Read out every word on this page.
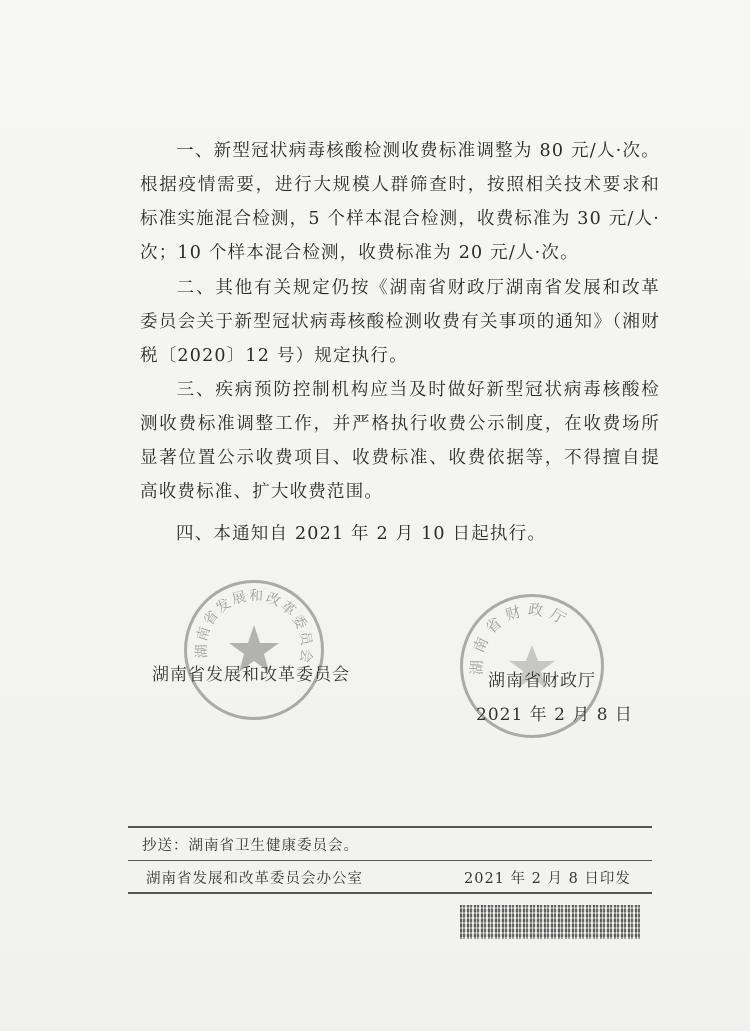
一、新型冠状病毒核酸检测收费标准调整为 80 元/人·次。根据疫情需要，进行大规模人群筛查时，按照相关技术要求和标准实施混合检测，5 个样本混合检测，收费标准为 30 元/人·次；10 个样本混合检测，收费标准为 20 元/人·次。

二、其他有关规定仍按《湖南省财政厅湖南省发展和改革委员会关于新型冠状病毒核酸检测收费有关事项的通知》（湘财税〔2020〕12 号）规定执行。

三、疾病预防控制机构应当及时做好新型冠状病毒核酸检测收费标准调整工作，并严格执行收费公示制度，在收费场所显著位置公示收费项目、收费标准、收费依据等，不得擅自提高收费标准、扩大收费范围。

四、本通知自 2021 年 2 月 10 日起执行。

湖南省发展和改革委员会	湖南省财政厅
湖南省发展和改革委员会	湖南省财政厅
2021 年 2 月 8 日
抄送：湖南省卫生健康委员会。
湖南省发展和改革委员会办公室	2021 年 2 月 8 日印发
